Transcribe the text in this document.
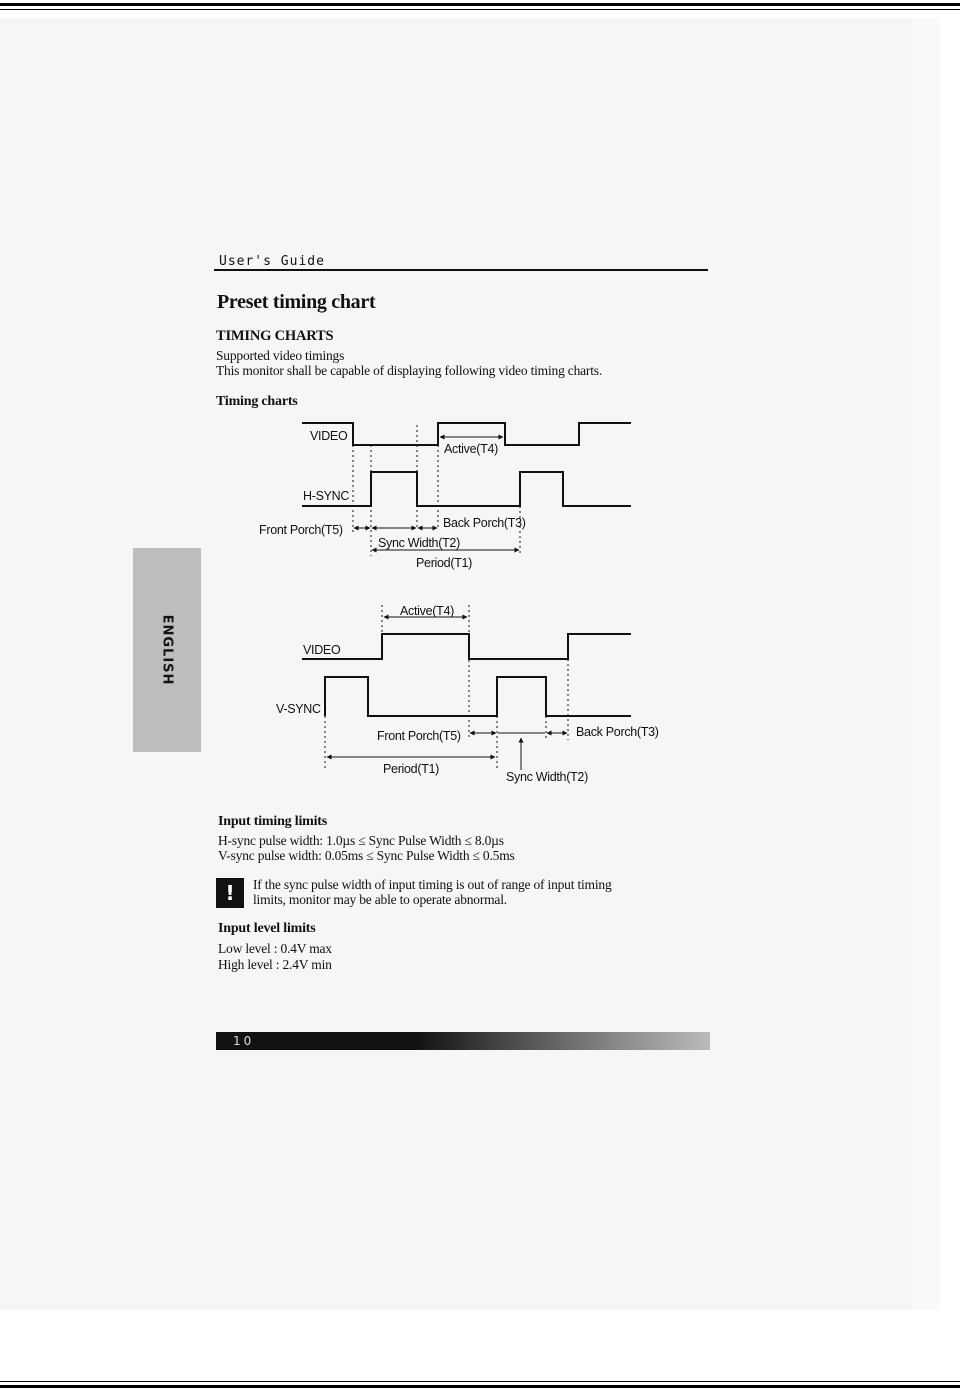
User's Guide
Preset timing chart
TIMING CHARTS
Supported video timings
This monitor shall be capable of displaying following video timing charts.
Timing charts
ENGLISH
VIDEO
H-SYNC
Active(T4)
Front Porch(T5)	Back Porch(T3)
Sync Width(T2)
Period(T1)
Active(T4)
VIDEO
V-SYNC
Front Porch(T5)	Back Porch(T3)
Period(T1)
Sync Width(T2)
Input timing limits
H-sync pulse width: 1.0µs ≤ Sync Pulse Width ≤ 8.0µs
V-sync pulse width: 0.05ms ≤ Sync Pulse Width ≤ 0.5ms
!	If the sync pulse width of input timing is out of range of input timing
limits, monitor may be able to operate abnormal.
Input level limits
Low level : 0.4V max
High level : 2.4V min
10
